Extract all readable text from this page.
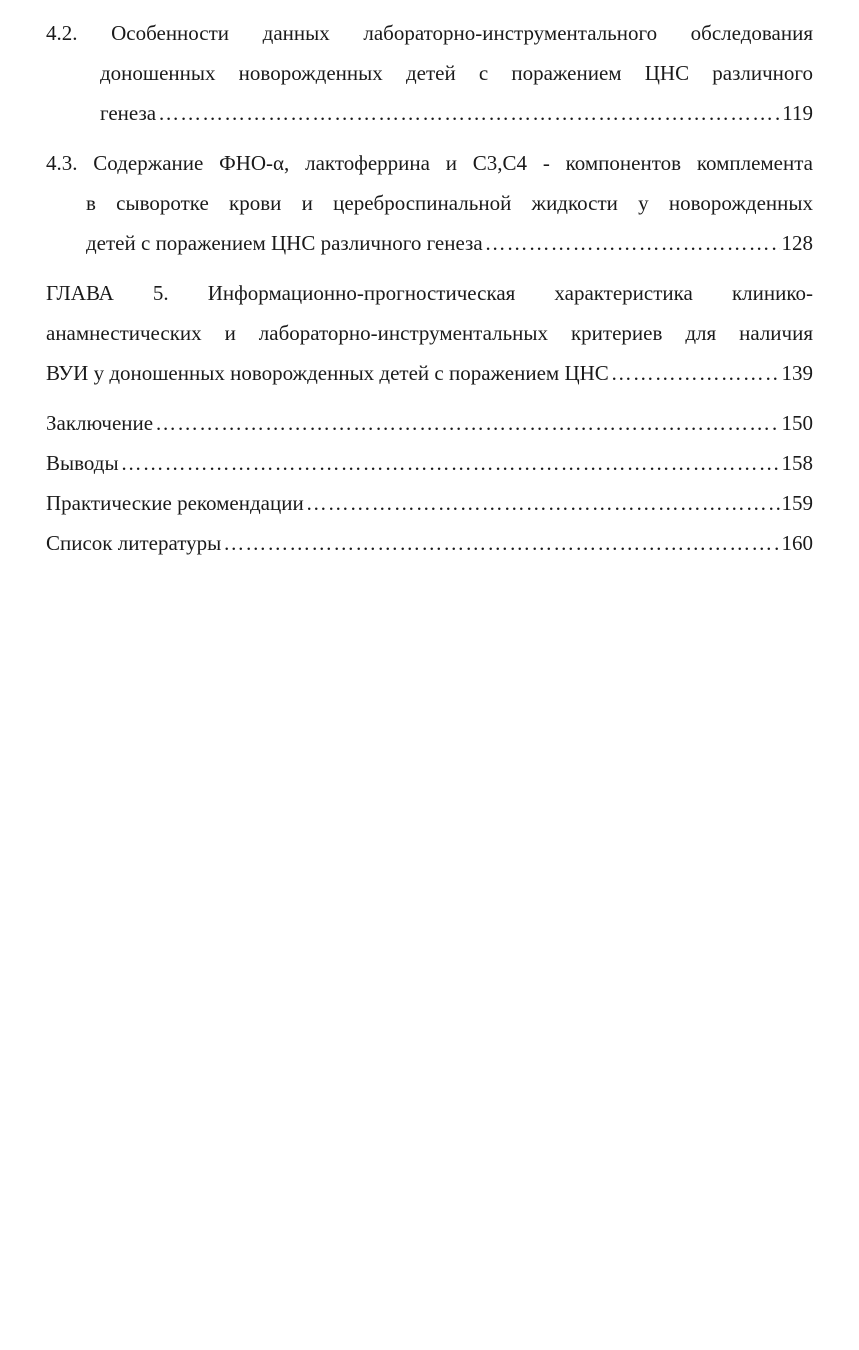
4.2. Особенности данных лабораторно-инструментального обследования
доношенных новорожденных детей с поражением ЦНС различного
генеза ……………………………………………………………………………………………………………………………………………………………………………………………………………	119
4.3. Содержание ФНО-α, лактоферрина и С3,С4 - компонентов комплемента
в сыворотке крови и цереброспинальной жидкости у новорожденных
детей с поражением ЦНС различного генеза ……………………………………………………………………………………………………………………………………………………………………………………………………………	128
ГЛАВА 5. Информационно-прогностическая характеристика клинико-
анамнестических и лабораторно-инструментальных критериев для наличия
ВУИ у доношенных новорожденных детей с поражением ЦНС ……………………………………………………………………………………………………………………………………………………………………………………………………………	139
Заключение ……………………………………………………………………………………………………………………………………………………………………………………………………………	150
Выводы ……………………………………………………………………………………………………………………………………………………………………………………………………………	158
Практические рекомендации ……………………………………………………………………………………………………………………………………………………………………………………………………………	159
Список литературы ……………………………………………………………………………………………………………………………………………………………………………………………………………	160
